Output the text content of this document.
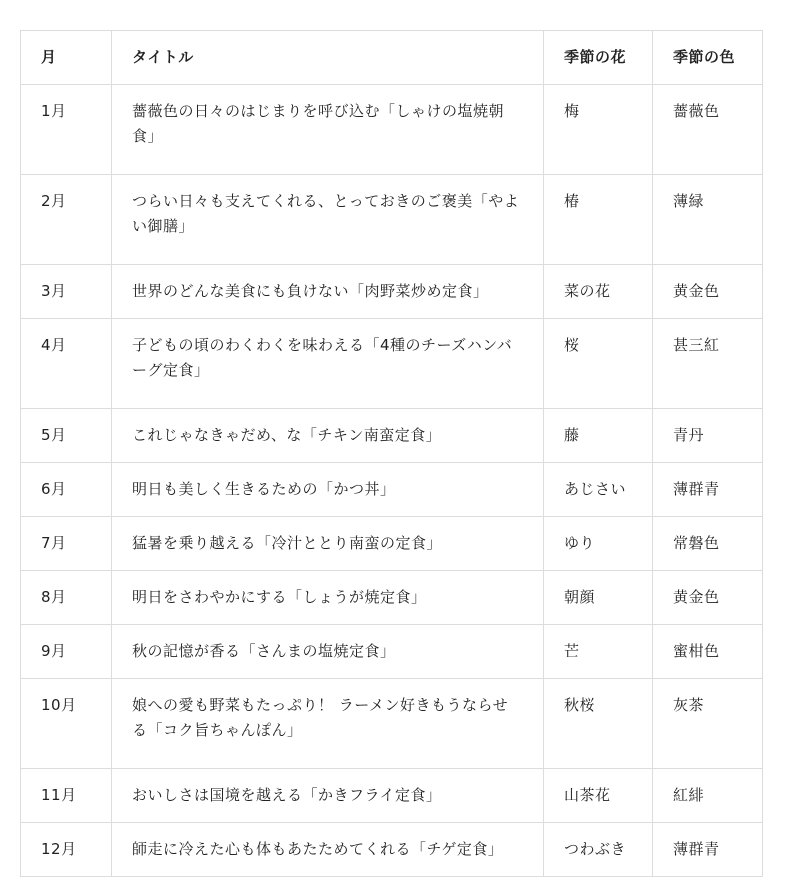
月	タイトル	季節の花	季節の色
1月	薔薇色の日々のはじまりを呼び込む「しゃけの塩焼朝食」	梅	薔薇色
2月	つらい日々も支えてくれる、とっておきのご褒美「やよい御膳」	椿	薄緑
3月	世界のどんな美食にも負けない「肉野菜炒め定食」	菜の花	黄金色
4月	子どもの頃のわくわくを味わえる「4種のチーズハンバーグ定食」	桜	甚三紅
5月	これじゃなきゃだめ、な「チキン南蛮定食」	藤	青丹
6月	明日も美しく生きるための「かつ丼」	あじさい	薄群青
7月	猛暑を乗り越える「冷汁ととり南蛮の定食」	ゆり	常磐色
8月	明日をさわやかにする「しょうが焼定食」	朝顔	黄金色
9月	秋の記憶が香る「さんまの塩焼定食」	芒	蜜柑色
10月	娘への愛も野菜もたっぷり！ ラーメン好きもうならせる「コク旨ちゃんぽん」	秋桜	灰茶
11月	おいしさは国境を越える「かきフライ定食」	山茶花	紅緋
12月	師走に冷えた心も体もあたためてくれる「チゲ定食」	つわぶき	薄群青
